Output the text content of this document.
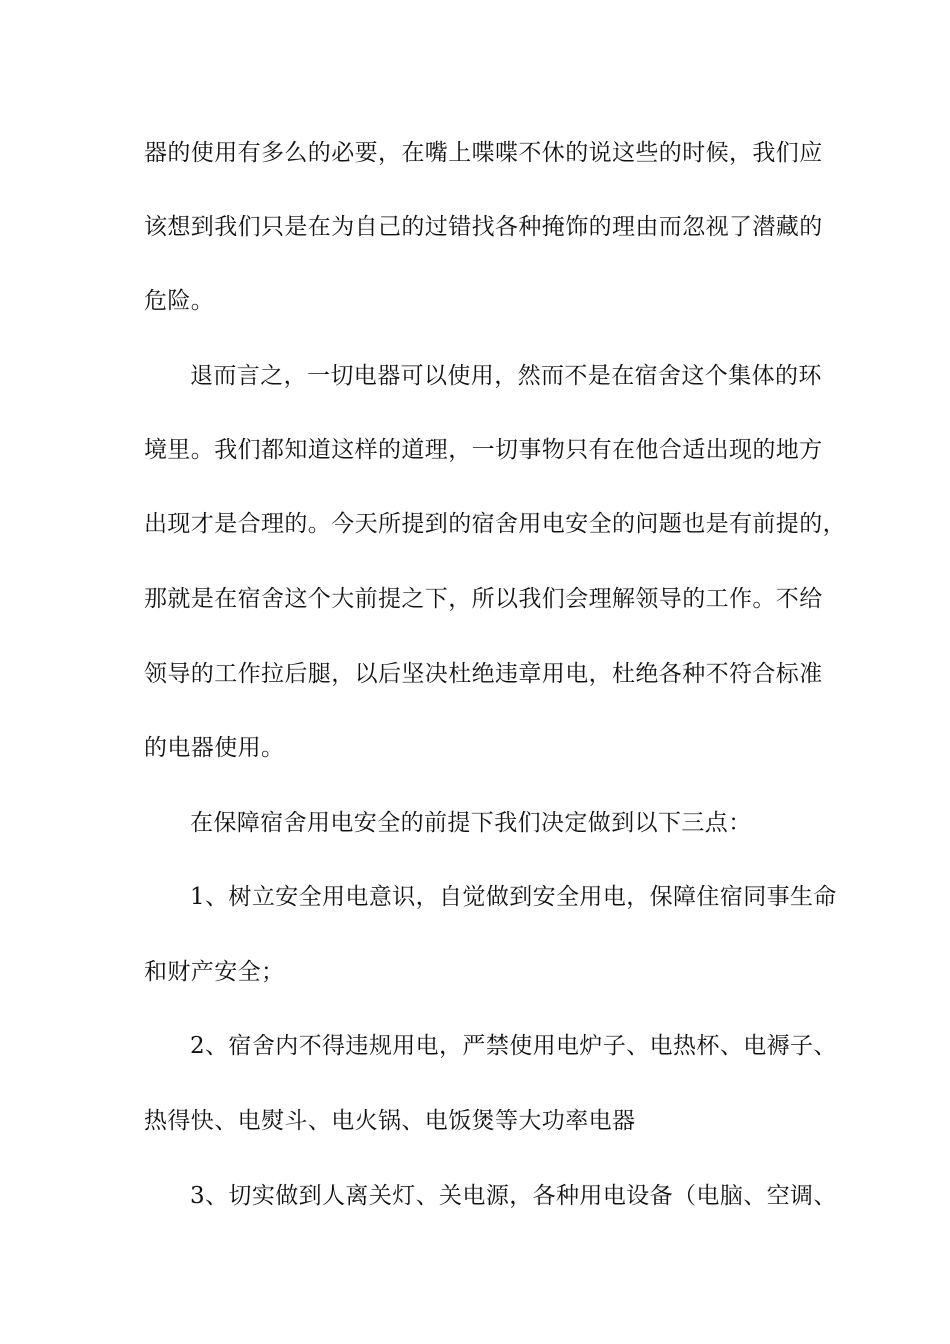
器的使用有多么的必要，在嘴上喋喋不休的说这些的时候，我们应
该想到我们只是在为自己的过错找各种掩饰的理由而忽视了潜藏的
危险。
退而言之，一切电器可以使用，然而不是在宿舍这个集体的环
境里。我们都知道这样的道理，一切事物只有在他合适出现的地方
出现才是合理的。今天所提到的宿舍用电安全的问题也是有前提的，
那就是在宿舍这个大前提之下，所以我们会理解领导的工作。不给
领导的工作拉后腿，以后坚决杜绝违章用电，杜绝各种不符合标准
的电器使用。
在保障宿舍用电安全的前提下我们决定做到以下三点：
1、树立安全用电意识，自觉做到安全用电，保障住宿同事生命
和财产安全；
2、宿舍内不得违规用电，严禁使用电炉子、电热杯、电褥子、
热得快、电熨斗、电火锅、电饭煲等大功率电器
3、切实做到人离关灯、关电源，各种用电设备（电脑、空调、
